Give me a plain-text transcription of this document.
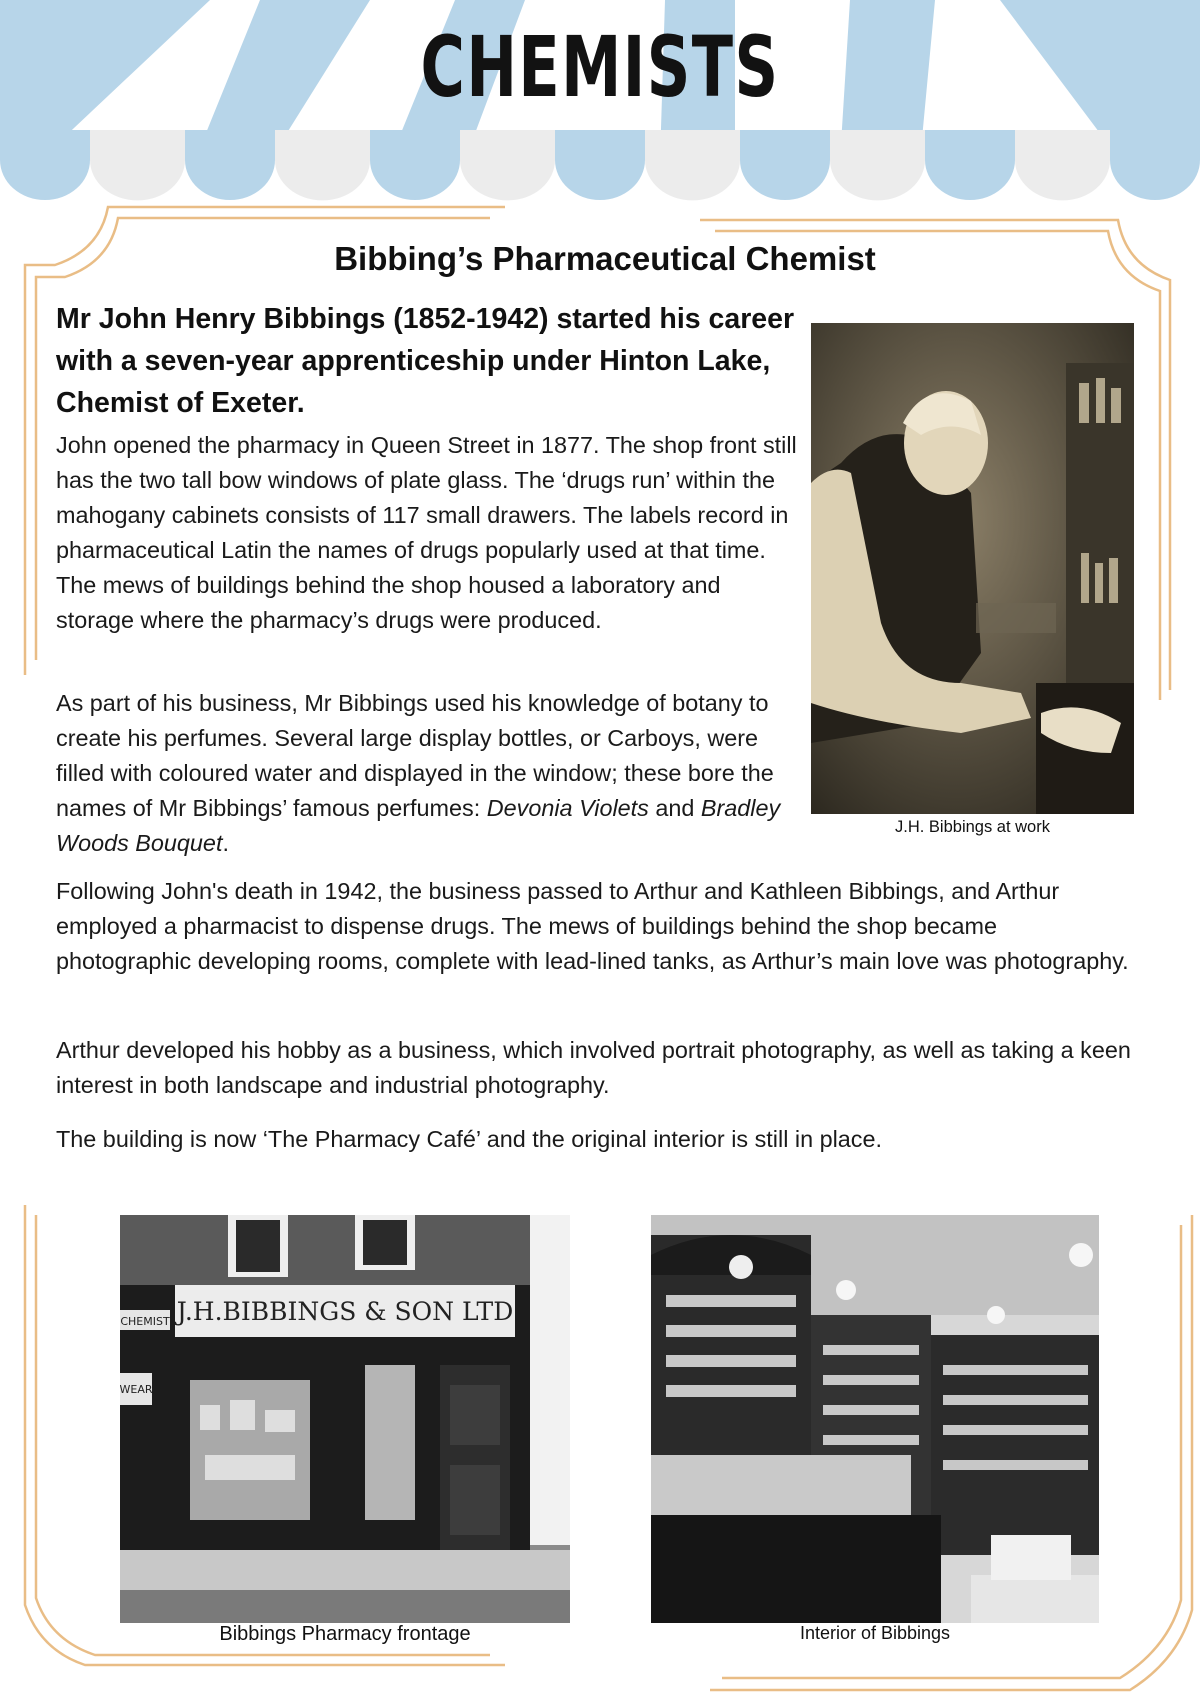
CHEMISTS
Bibbing’s Pharmaceutical Chemist
Mr John Henry Bibbings (1852-1942) started his career with a seven-year apprenticeship under Hinton Lake, Chemist of Exeter.

John opened the pharmacy in Queen Street in 1877. The shop front still has the two tall bow windows of plate glass. The ‘drugs run’ within the mahogany cabinets consists of 117 small drawers. The labels record in pharmaceutical Latin the names of drugs popularly used at that time. The mews of buildings behind the shop housed a laboratory and storage where the pharmacy’s drugs were produced.

As part of his business, Mr Bibbings used his knowledge of botany to create his perfumes. Several large display bottles, or Carboys, were filled with coloured water and displayed in the window; these bore the names of Mr Bibbings’ famous perfumes: Devonia Violets and Bradley Woods Bouquet.

Following John's death in 1942, the business passed to Arthur and Kathleen Bibbings, and Arthur employed a pharmacist to dispense drugs. The mews of buildings behind the shop became photographic developing rooms, complete with lead-lined tanks, as Arthur’s main love was photography.

Arthur developed his hobby as a business, which involved portrait photography, as well as taking a keen interest in both landscape and industrial photography.

The building is now ‘The Pharmacy Café’ and the original interior is still in place.

J.H. Bibbings at work
J.H.BIBBINGS & SON LTD
CHEMIST
WEAR
Bibbings Pharmacy frontage	Interior of Bibbings
